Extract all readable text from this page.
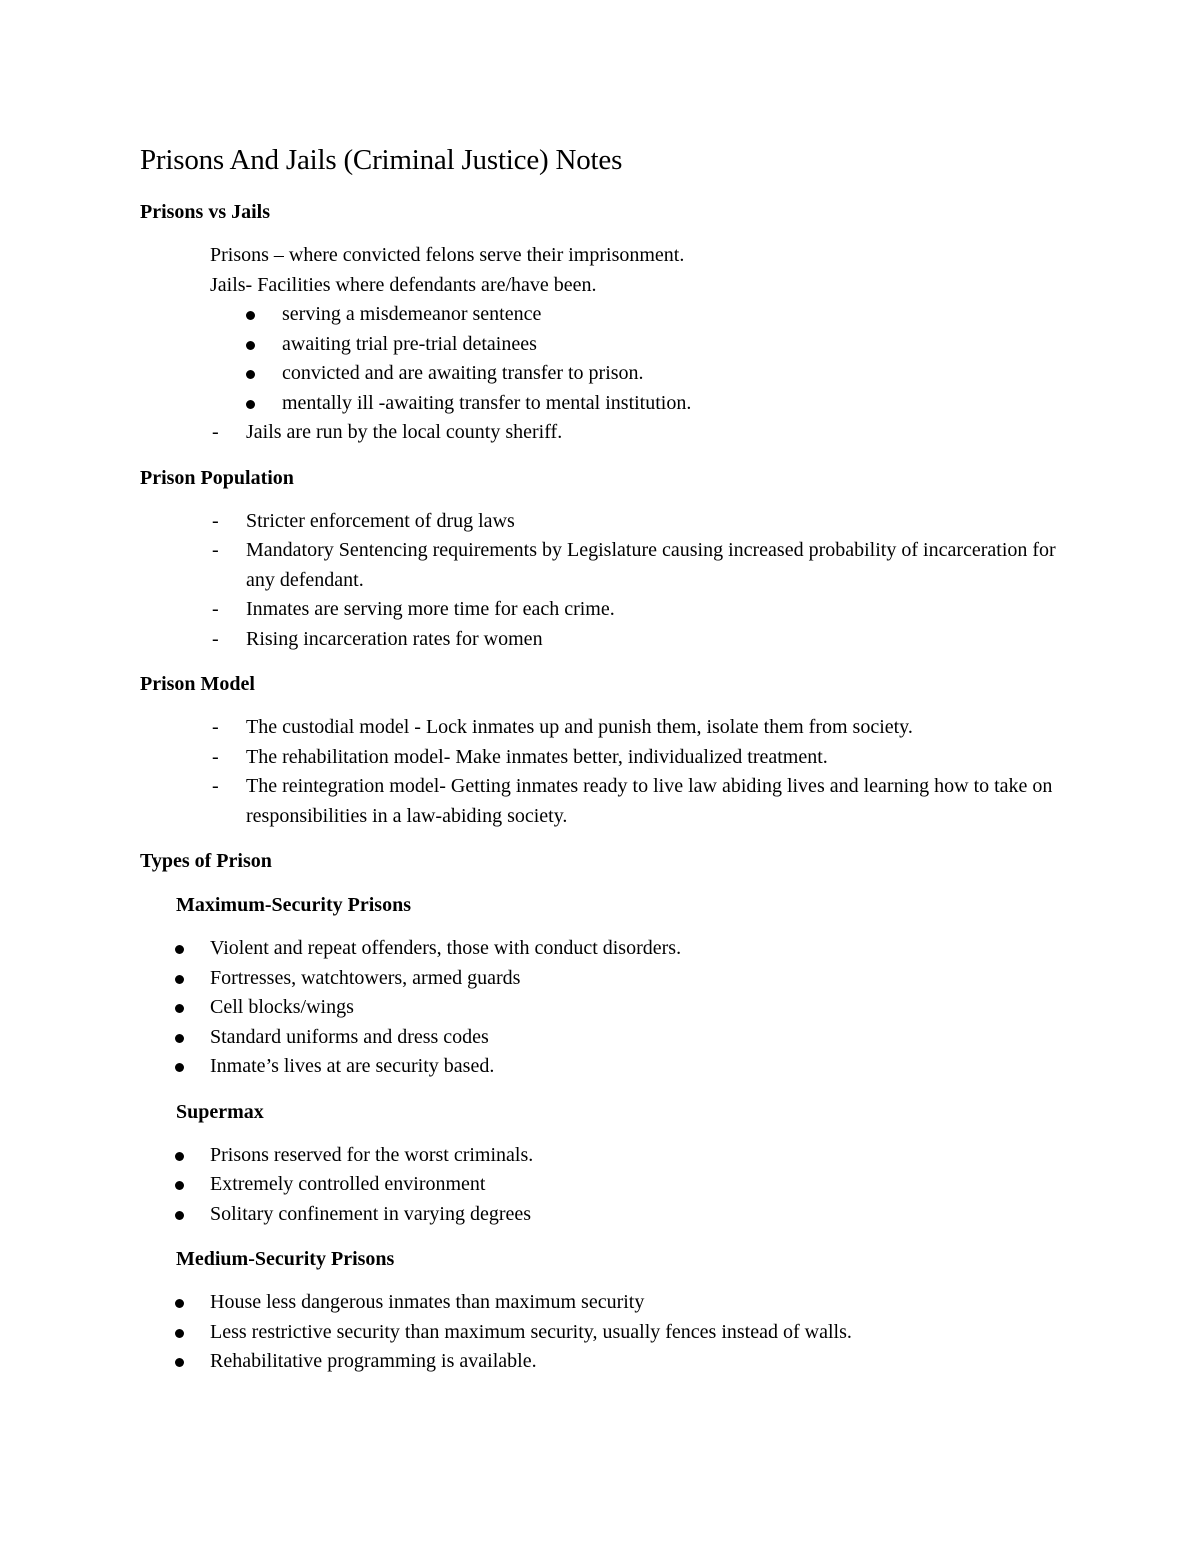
Prisons And Jails (Criminal Justice) Notes
Prisons vs Jails

Prisons – where convicted felons serve their imprisonment.

Jails- Facilities where defendants are/have been.

serving a misdemeanor sentence
awaiting trial pre-trial detainees
convicted and are awaiting transfer to prison.
mentally ill -awaiting transfer to mental institution.
Jails are run by the local county sheriff.
Prison Population
Stricter enforcement of drug laws
Mandatory Sentencing requirements by Legislature causing increased probability of incarceration for any defendant.
Inmates are serving more time for each crime.
Rising incarceration rates for women
Prison Model
The custodial model - Lock inmates up and punish them, isolate them from society.
The rehabilitation model- Make inmates better, individualized treatment.
The reintegration model- Getting inmates ready to live law abiding lives and learning how to take on responsibilities in a law-abiding society.
Types of Prison
Maximum-Security Prisons
Violent and repeat offenders, those with conduct disorders.
Fortresses, watchtowers, armed guards
Cell blocks/wings
Standard uniforms and dress codes
Inmate’s lives at are security based.
Supermax
Prisons reserved for the worst criminals.
Extremely controlled environment
Solitary confinement in varying degrees
Medium-Security Prisons
House less dangerous inmates than maximum security
Less restrictive security than maximum security, usually fences instead of walls.
Rehabilitative programming is available.
